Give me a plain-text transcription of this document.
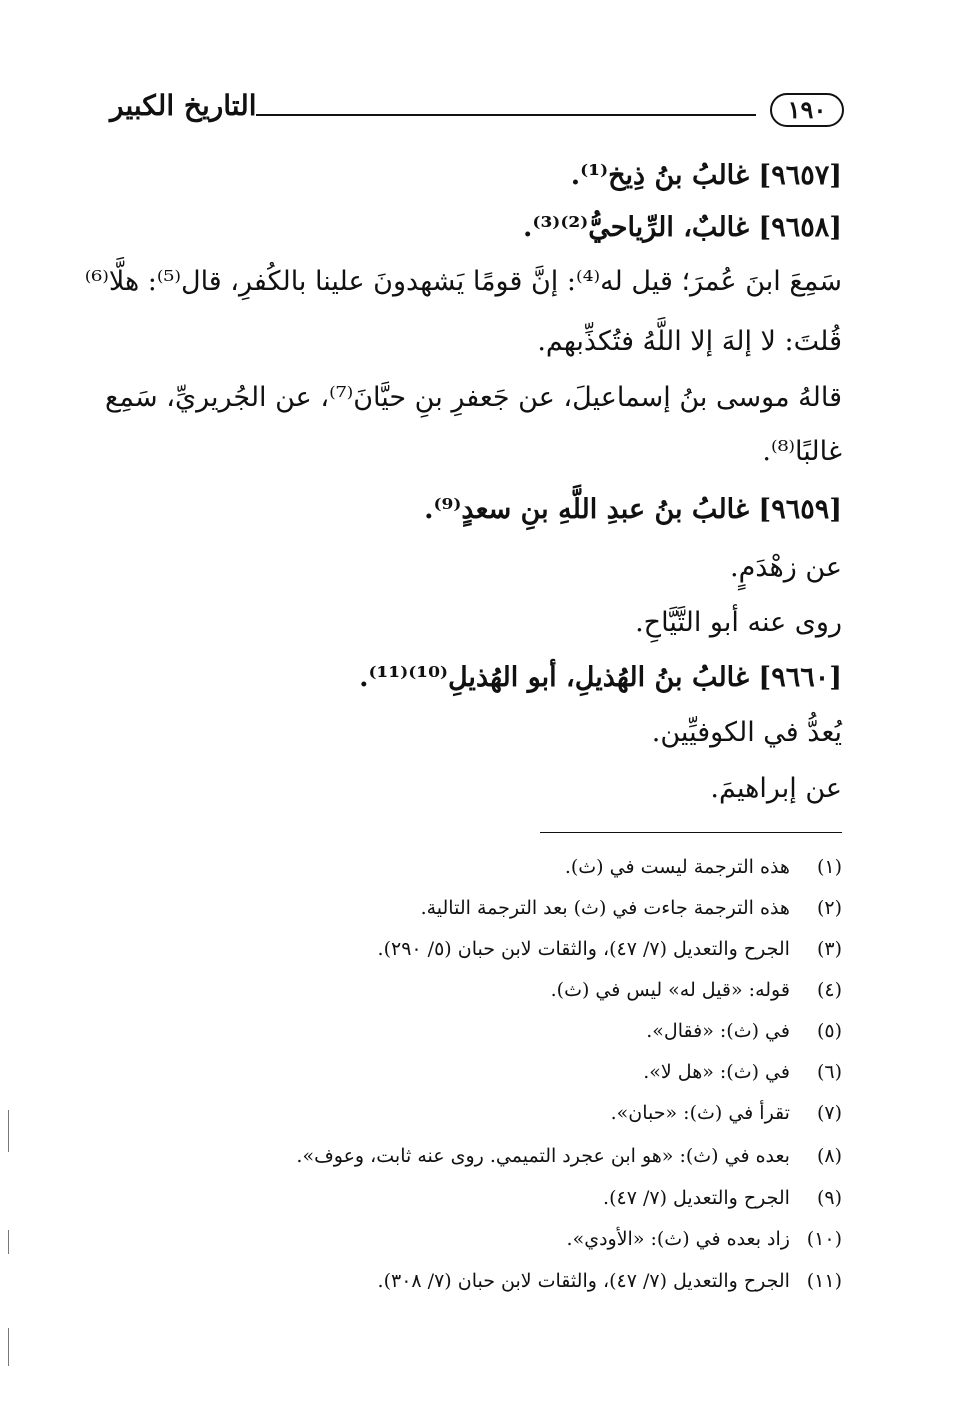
التاريخ الكبير	١٩٠
[٩٦٥٧] غالبُ بنُ ذِيخ⁽¹⁾.
[٩٦٥٨] غالبٌ، الرِّياحيُّ⁽²⁾⁽³⁾.
سَمِعَ ابنَ عُمرَ؛ قيل له⁽⁴⁾: إنَّ قومًا يَشهدونَ علينا بالكُفرِ، قال⁽⁵⁾: هلَّا⁽⁶⁾
قُلتَ: لا إلهَ إلا اللَّهُ فتُكذِّبهم.
قالهُ موسى بنُ إسماعيلَ، عن جَعفرِ بنِ حيَّانَ⁽⁷⁾، عن الجُريريِّ، سَمِع
غالبًا⁽⁸⁾.
[٩٦٥٩] غالبُ بنُ عبدِ اللَّهِ بنِ سعدٍ⁽⁹⁾.
عن زهْدَمٍ.
روى عنه أبو التَّيَّاحِ.
[٩٦٦٠] غالبُ بنُ الهُذيلِ، أبو الهُذيلِ⁽¹⁰⁾⁽¹¹⁾.
يُعدُّ في الكوفيِّين.
عن إبراهيمَ.
(١) هذه الترجمة ليست في (ث).
(٢) هذه الترجمة جاءت في (ث) بعد الترجمة التالية.
(٣) الجرح والتعديل (٧/ ٤٧)، والثقات لابن حبان (٥/ ٢٩٠).
(٤) قوله: «قيل له» ليس في (ث).
(٥) في (ث): «فقال».
(٦) في (ث): «هل لا».
(٧) تقرأ في (ث): «حبان».
(٨) بعده في (ث): «هو ابن عجرد التميمي. روى عنه ثابت، وعوف».
(٩) الجرح والتعديل (٧/ ٤٧).
(١٠) زاد بعده في (ث): «الأودي».
(١١) الجرح والتعديل (٧/ ٤٧)، والثقات لابن حبان (٧/ ٣٠٨).
